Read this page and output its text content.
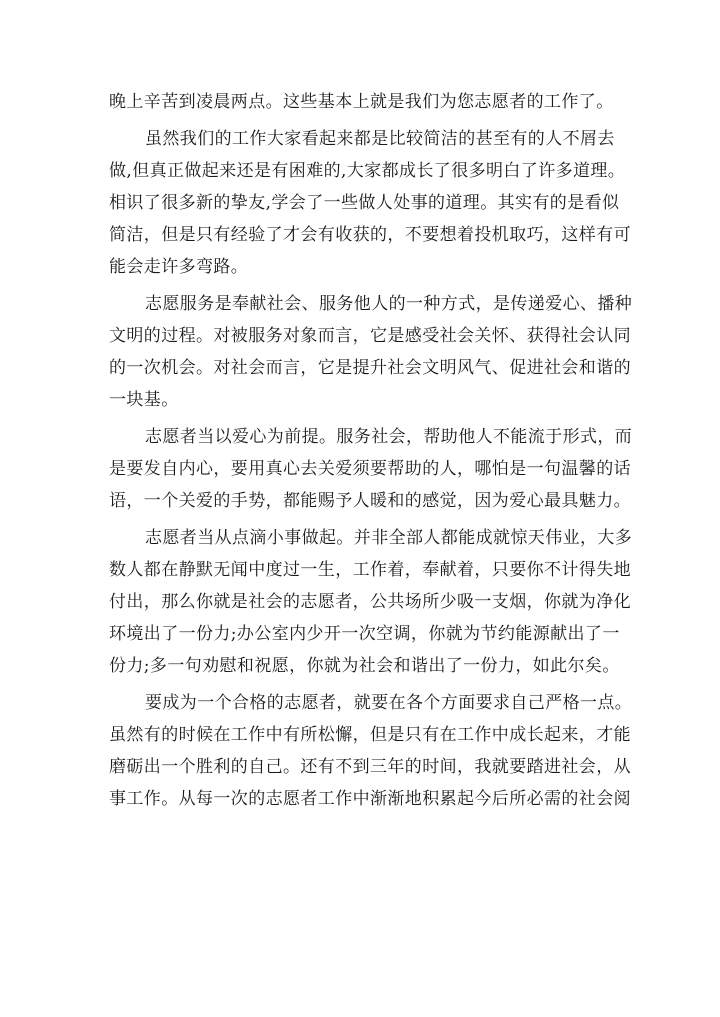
晚上辛苦到凌晨两点。这些基本上就是我们为您志愿者的工作了。
虽然我们的工作大家看起来都是比较简洁的甚至有的人不屑去
做,但真正做起来还是有困难的,大家都成长了很多明白了许多道理。
相识了很多新的挚友,学会了一些做人处事的道理。其实有的是看似
简洁，但是只有经验了才会有收获的，不要想着投机取巧，这样有可
能会走许多弯路。
志愿服务是奉献社会、服务他人的一种方式，是传递爱心、播种
文明的过程。对被服务对象而言，它是感受社会关怀、获得社会认同
的一次机会。对社会而言，它是提升社会文明风气、促进社会和谐的
一块基。
志愿者当以爱心为前提。服务社会，帮助他人不能流于形式，而
是要发自内心，要用真心去关爱须要帮助的人，哪怕是一句温馨的话
语，一个关爱的手势，都能赐予人暖和的感觉，因为爱心最具魅力。
志愿者当从点滴小事做起。并非全部人都能成就惊天伟业，大多
数人都在静默无闻中度过一生，工作着，奉献着，只要你不计得失地
付出，那么你就是社会的志愿者，公共场所少吸一支烟，你就为净化
环境出了一份力;办公室内少开一次空调，你就为节约能源献出了一
份力;多一句劝慰和祝愿，你就为社会和谐出了一份力，如此尔矣。
要成为一个合格的志愿者，就要在各个方面要求自己严格一点。
虽然有的时候在工作中有所松懈，但是只有在工作中成长起来，才能
磨砺出一个胜利的自己。还有不到三年的时间，我就要踏进社会，从
事工作。从每一次的志愿者工作中渐渐地积累起今后所必需的社会阅
